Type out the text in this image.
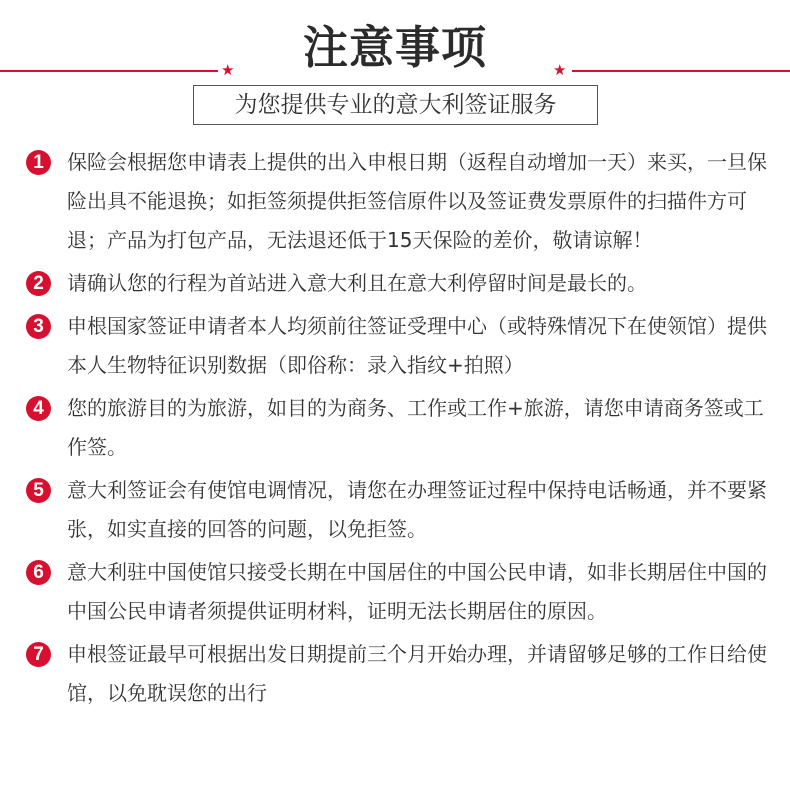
注意事项
★	★
为您提供专业的意大利签证服务
1	保险会根据您申请表上提供的出入申根日期（返程自动增加一天）来买，一旦保险出具不能退换；如拒签须提供拒签信原件以及签证费发票原件的扫描件方可退；产品为打包产品，无法退还低于15天保险的差价，敬请谅解！
2	请确认您的行程为首站进入意大利且在意大利停留时间是最长的。
3	申根国家签证申请者本人均须前往签证受理中心（或特殊情况下在使领馆）提供本人生物特征识别数据（即俗称：录入指纹+拍照）
4	您的旅游目的为旅游，如目的为商务、工作或工作+旅游，请您申请商务签或工作签。
5	意大利签证会有使馆电调情况，请您在办理签证过程中保持电话畅通，并不要紧张，如实直接的回答的问题，以免拒签。
6	意大利驻中国使馆只接受长期在中国居住的中国公民申请，如非长期居住中国的中国公民申请者须提供证明材料，证明无法长期居住的原因。
7	申根签证最早可根据出发日期提前三个月开始办理，并请留够足够的工作日给使馆，以免耽误您的出行
